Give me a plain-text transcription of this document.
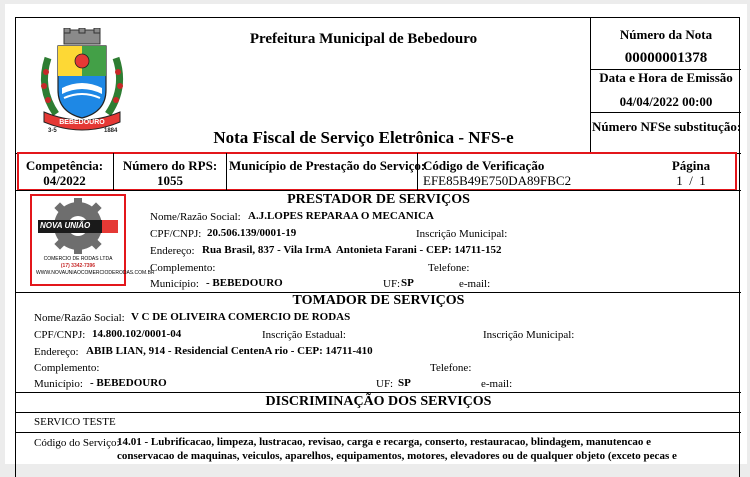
BEBEDOURO
3-5	1884
Prefeitura Municipal de Bebedouro
Nota Fiscal de Serviço Eletrônica - NFS-e
Número da Nota
00000001378
Data e Hora de Emissão
04/04/2022 00:00
Número NFSe substitução:
Competência:
04/2022
Número do RPS:
1055
Município de Prestação do Serviço:
Código de Verificação
EFE85B49E750DA89FBC2
Página
1  /  1
PRESTADOR DE SERVIÇOS
NOVA UNIÃO
COMERCIO DE RODAS LTDA
(17) 3342-7396
WWW.NOVAUNIAOCOMERCIODERODAS.COM.BR
Nome/Razão Social: A.J.LOPES REPARAA O MECANICA
CPF/CNPJ: 20.506.139/0001-19	Inscrição Municipal:
Endereço: Rua Brasil, 837 - Vila IrmA  Antonieta Farani - CEP: 14711-152
Complemento:	Telefone:
Município: - BEBEDOURO	UF: SP	e-mail:
TOMADOR DE SERVIÇOS
Nome/Razão Social: V C DE OLIVEIRA COMERCIO DE RODAS
CPF/CNPJ: 14.800.102/0001-04	Inscrição Estadual:	Inscrição Municipal:
Endereço: ABIB LIAN, 914 - Residencial CentenA rio - CEP: 14711-410
Complemento:	Telefone:
Município: - BEBEDOURO	UF: SP	e-mail:
DISCRIMINAÇÃO DOS SERVIÇOS
SERVICO TESTE
Código do Serviço:
14.01 - Lubrificacao, limpeza, lustracao, revisao, carga e recarga, conserto, restauracao, blindagem, manutencao e
conservacao de maquinas, veiculos, aparelhos, equipamentos, motores, elevadores ou de qualquer objeto (exceto pecas e
